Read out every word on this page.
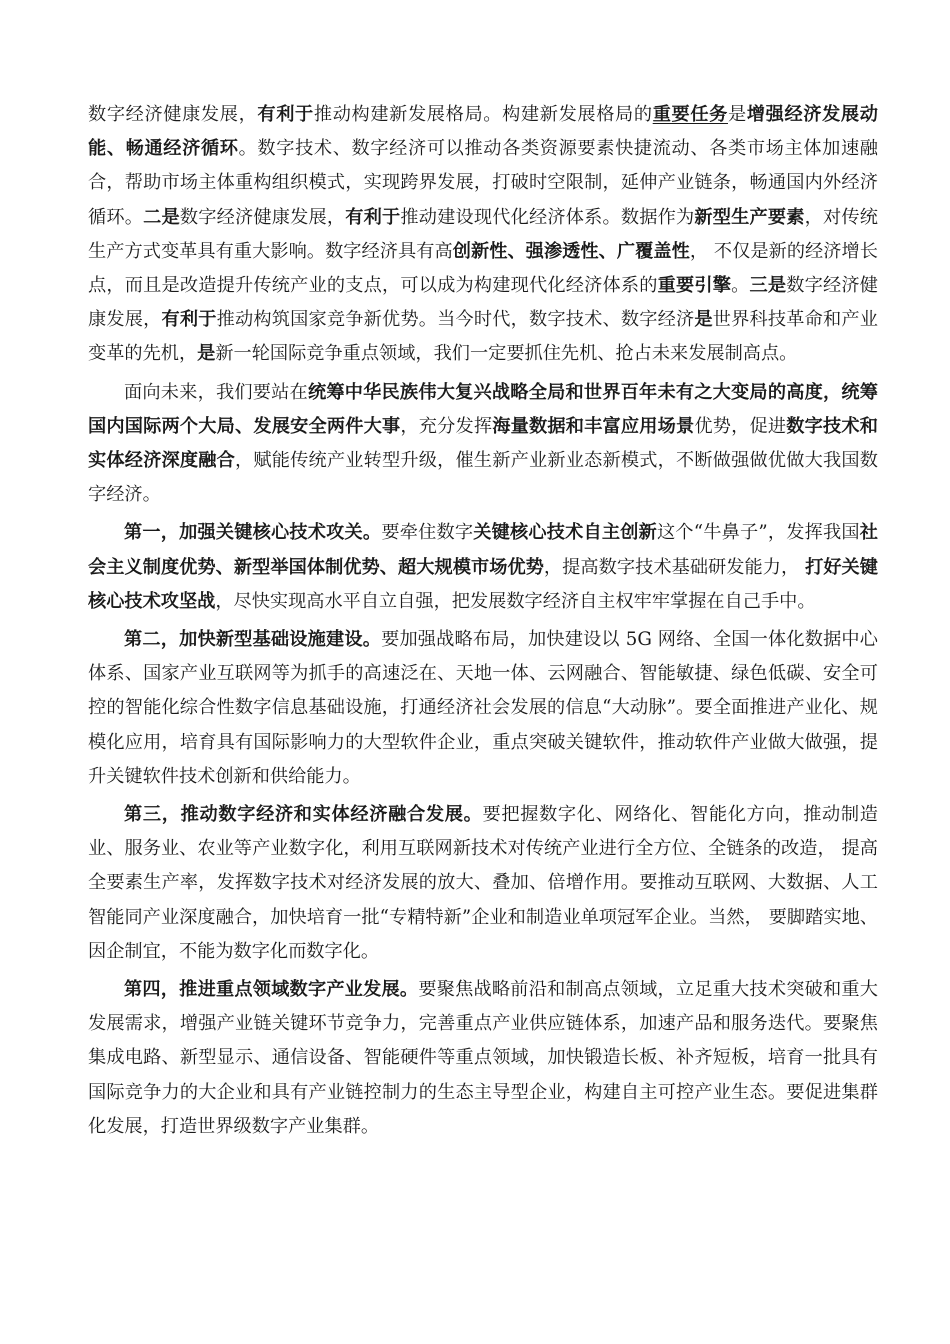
数字经济健康发展，有利于推动构建新发展格局。构建新发展格局的重要任务是增强经济发展动能、畅通经济循环。数字技术、数字经济可以推动各类资源要素快捷流动、各类市场主体加速融合，帮助市场主体重构组织模式，实现跨界发展，打破时空限制，延伸产业链条，畅通国内外经济循环。二是数字经济健康发展，有利于推动建设现代化经济体系。数据作为新型生产要素，对传统生产方式变革具有重大影响。数字经济具有高创新性、强渗透性、广覆盖性， 不仅是新的经济增长点，而且是改造提升传统产业的支点，可以成为构建现代化经济体系的重要引擎。三是数字经济健康发展，有利于推动构筑国家竞争新优势。当今时代，数字技术、数字经济是世界科技革命和产业变革的先机，是新一轮国际竞争重点领域，我们一定要抓住先机、抢占未来发展制高点。

面向未来，我们要站在统筹中华民族伟大复兴战略全局和世界百年未有之大变局的高度，统筹国内国际两个大局、发展安全两件大事，充分发挥海量数据和丰富应用场景优势，促进数字技术和实体经济深度融合，赋能传统产业转型升级，催生新产业新业态新模式，不断做强做优做大我国数字经济。

第一，加强关键核心技术攻关。要牵住数字关键核心技术自主创新这个“牛鼻子”，发挥我国社会主义制度优势、新型举国体制优势、超大规模市场优势，提高数字技术基础研发能力， 打好关键核心技术攻坚战，尽快实现高水平自立自强，把发展数字经济自主权牢牢掌握在自己手中。

第二，加快新型基础设施建设。要加强战略布局，加快建设以 5G 网络、全国一体化数据中心体系、国家产业互联网等为抓手的高速泛在、天地一体、云网融合、智能敏捷、绿色低碳、安全可控的智能化综合性数字信息基础设施，打通经济社会发展的信息“大动脉”。要全面推进产业化、规模化应用，培育具有国际影响力的大型软件企业，重点突破关键软件，推动软件产业做大做强，提升关键软件技术创新和供给能力。

第三，推动数字经济和实体经济融合发展。要把握数字化、网络化、智能化方向，推动制造业、服务业、农业等产业数字化，利用互联网新技术对传统产业进行全方位、全链条的改造， 提高全要素生产率，发挥数字技术对经济发展的放大、叠加、倍增作用。要推动互联网、大数据、人工智能同产业深度融合，加快培育一批“专精特新”企业和制造业单项冠军企业。当然， 要脚踏实地、因企制宜，不能为数字化而数字化。

第四，推进重点领域数字产业发展。要聚焦战略前沿和制高点领域，立足重大技术突破和重大发展需求，增强产业链关键环节竞争力，完善重点产业供应链体系，加速产品和服务迭代。要聚焦集成电路、新型显示、通信设备、智能硬件等重点领域，加快锻造长板、补齐短板，培育一批具有国际竞争力的大企业和具有产业链控制力的生态主导型企业，构建自主可控产业生态。要促进集群化发展，打造世界级数字产业集群。
